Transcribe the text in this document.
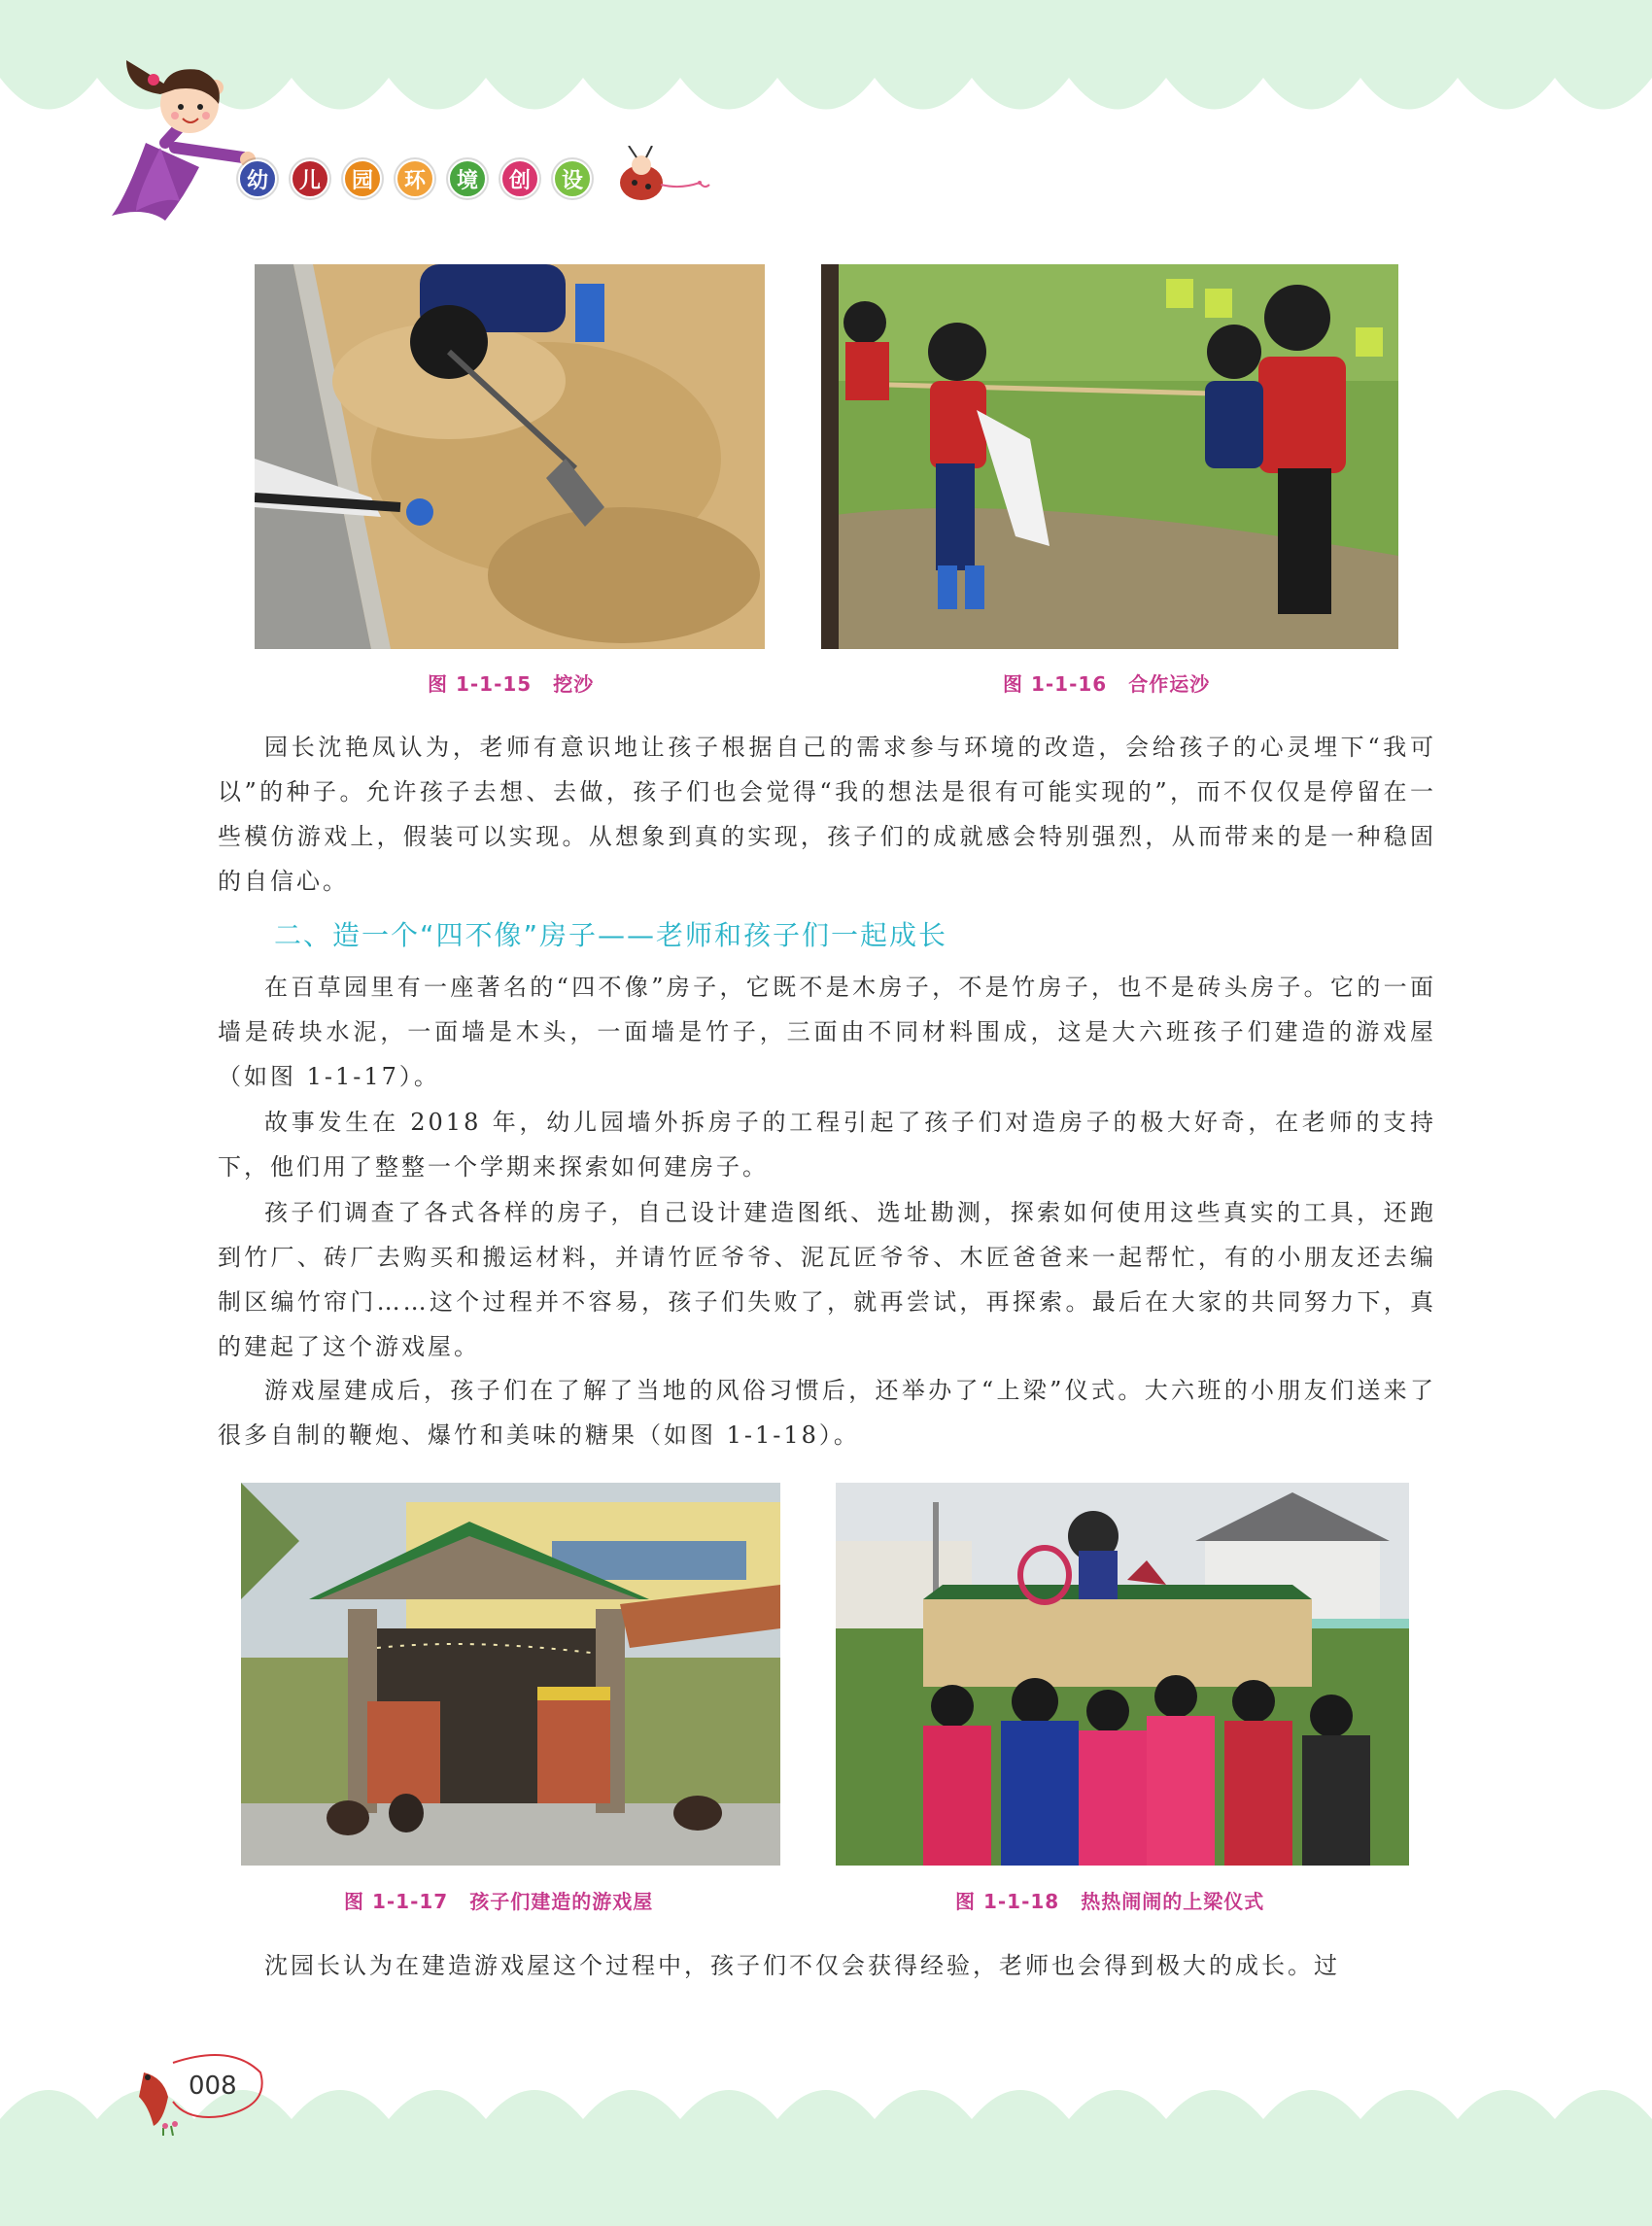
幼	儿	园	环	境	创	设
图 1-1-15 挖沙	图 1-1-16 合作运沙
园长沈艳凤认为，老师有意识地让孩子根据自己的需求参与环境的改造，会给孩子的心灵埋下“我可以”的种子。允许孩子去想、去做，孩子们也会觉得“我的想法是很有可能实现的”，而不仅仅是停留在一些模仿游戏上，假装可以实现。从想象到真的实现，孩子们的成就感会特别强烈，从而带来的是一种稳固的自信心。
二、造一个“四不像”房子——老师和孩子们一起成长
在百草园里有一座著名的“四不像”房子，它既不是木房子，不是竹房子，也不是砖头房子。它的一面墙是砖块水泥，一面墙是木头，一面墙是竹子，三面由不同材料围成，这是大六班孩子们建造的游戏屋（如图 1-1-17）。
故事发生在 2018 年，幼儿园墙外拆房子的工程引起了孩子们对造房子的极大好奇，在老师的支持下，他们用了整整一个学期来探索如何建房子。
孩子们调查了各式各样的房子，自己设计建造图纸、选址勘测，探索如何使用这些真实的工具，还跑到竹厂、砖厂去购买和搬运材料，并请竹匠爷爷、泥瓦匠爷爷、木匠爸爸来一起帮忙，有的小朋友还去编制区编竹帘门……这个过程并不容易，孩子们失败了，就再尝试，再探索。最后在大家的共同努力下，真的建起了这个游戏屋。
游戏屋建成后，孩子们在了解了当地的风俗习惯后，还举办了“上梁”仪式。大六班的小朋友们送来了很多自制的鞭炮、爆竹和美味的糖果（如图 1-1-18）。
图 1-1-17 孩子们建造的游戏屋	图 1-1-18 热热闹闹的上梁仪式
沈园长认为在建造游戏屋这个过程中，孩子们不仅会获得经验，老师也会得到极大的成长。过
008
